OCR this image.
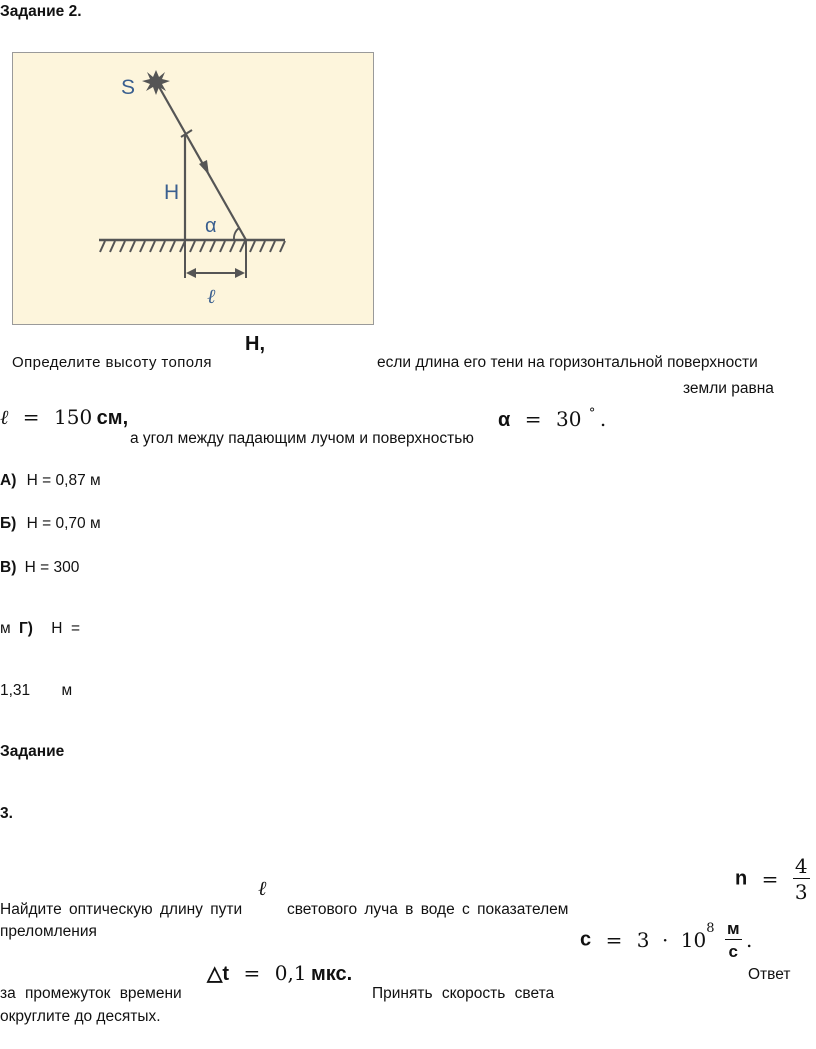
Задание 2.
S
H
α
ℓ
Определите высоту тополя
H,
если длина его тени на горизонтальной поверхности
земли равна
ℓ = 150 см,
а угол между падающим лучом и поверхностью
α = 30 ° .
А) H = 0,87 м
Б) H = 0,70 м
В) H = 300
м Г) H  =
1,31 м
Задание
3.
$n = \frac{4}{3}$
Найдите оптическую длину пути
ℓ
светового луча в воде с показателем
преломления	$c = 3 \cdot 10^8 \frac{м}{с}$ .
Ответ
за промежуток времени
△t = 0,1 мкс.
Принять скорость света
округлите до десятых.
